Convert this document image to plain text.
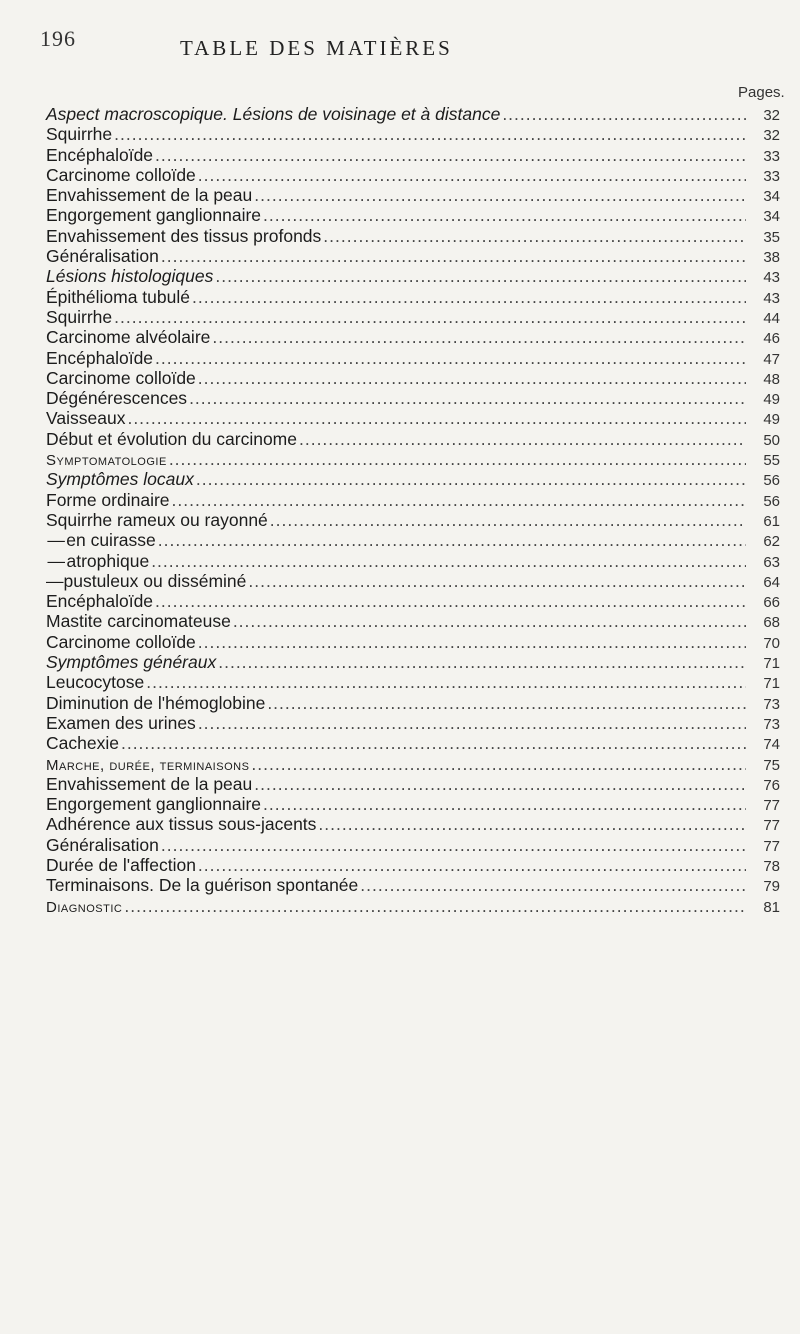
196	TABLE DES MATIÈRES
Pages.
Aspect macroscopique. Lésions de voisinage et à distance .....	32
Squirrhe .....	32
Encéphaloïde .....	33
Carcinome colloïde .....	33
Envahissement de la peau .....	34
Engorgement ganglionnaire .....	34
Envahissement des tissus profonds .....	35
Généralisation .....	38
Lésions histologiques .....	43
Épithélioma tubulé .....	43
Squirrhe .....	44
Carcinome alvéolaire .....	46
Encéphaloïde .....	47
Carcinome colloïde .....	48
Dégénérescences .....	49
Vaisseaux .....	49
Début et évolution du carcinome .....	50
Symptomatologie .....	55
Symptômes locaux .....	56
Forme ordinaire .....	56
Squirrhe rameux ou rayonné .....	61
— en cuirasse .....	62
— atrophique .....	63
— pustuleux ou disséminé .....	64
Encéphaloïde .....	66
Mastite carcinomateuse .....	68
Carcinome colloïde .....	70
Symptômes généraux .....	71
Leucocytose .....	71
Diminution de l'hémoglobine .....	73
Examen des urines .....	73
Cachexie .....	74
Marche, durée, terminaisons .....	75
Envahissement de la peau .....	76
Engorgement ganglionnaire .....	77
Adhérence aux tissus sous-jacents .....	77
Généralisation .....	77
Durée de l'affection .....	78
Terminaisons. De la guérison spontanée .....	79
Diagnostic .....	81
